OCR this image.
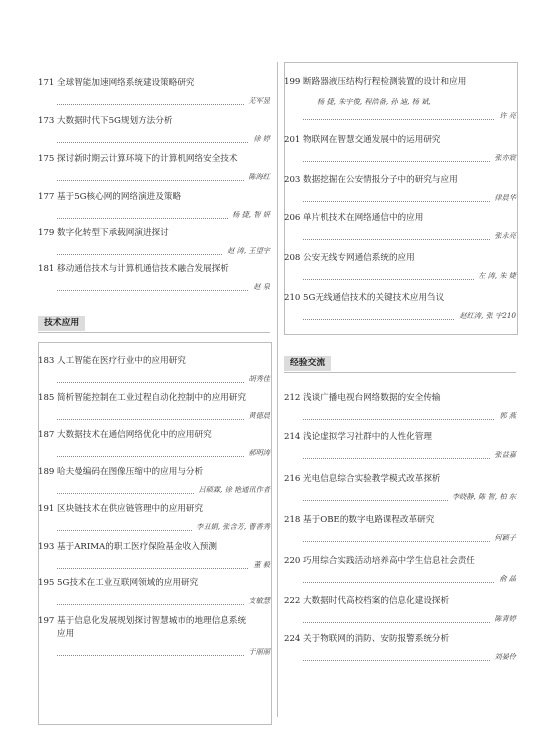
171 全球智能加速网络系统建设策略研究
芜军显
173 大数据时代下5G规划方法分析
徐 婷
175 探讨新时期云计算环境下的计算机网络安全技术
陈海红
177 基于5G核心网的网络演进及策略
杨 捷, 智 妍
179 数字化转型下承载网演进探讨
赵 涛, 王望宇
181 移动通信技术与计算机通信技术融合发展探析
赵 泉
技术应用
183 人工智能在医疗行业中的应用研究
胡秀佳
185 简析智能控制在工业过程自动化控制中的应用研究
黄德晨
187 大数据技术在通信网络优化中的应用研究
郝明涛
189 哈夫曼编码在图像压缩中的应用与分析
吕硕霖, 徐 艳通讯作者
191 区块链技术在供应链管理中的应用研究
李丑娟, 张含芳, 曹香秀
193 基于ARIMA的职工医疗保险基金收入预测
董 毅
195 5G技术在工业互联网领域的应用研究
支敏慧
197 基于信息化发展规划探讨智慧城市的地理信息系统
应用
于丽丽
199 断路器液压结构行程检测装置的设计和应用
杨 捷, 朱宇俊, 程浩备, 孙 迪, 杨 斌,
许 亮
201 物联网在智慧交通发展中的运用研究
张亦宸
203 数据挖掘在公安情报分子中的研究与应用
律晨华
206 单片机技术在网络通信中的应用
张永亮
208 公安无线专网通信系统的应用
左 涛, 朱 婕
210 5G无线通信技术的关键技术应用刍议
赵红涛, 张 宇210
经验交流
212 浅谈广播电视台网络数据的安全传输
郭 燕
214 浅论虚拟学习社群中的人性化管理
张益嘉
216 光电信息综合实验教学模式改革探析
李晓静, 陈 智, 柏 东
218 基于OBE的数字电路课程改革研究
何颖子
220 巧用综合实践活动培养高中学生信息社会责任
俞 晶
222 大数据时代高校档案的信息化建设探析
陈青婷
224 关于物联网的消防、安防报警系统分析
刘晏伶
